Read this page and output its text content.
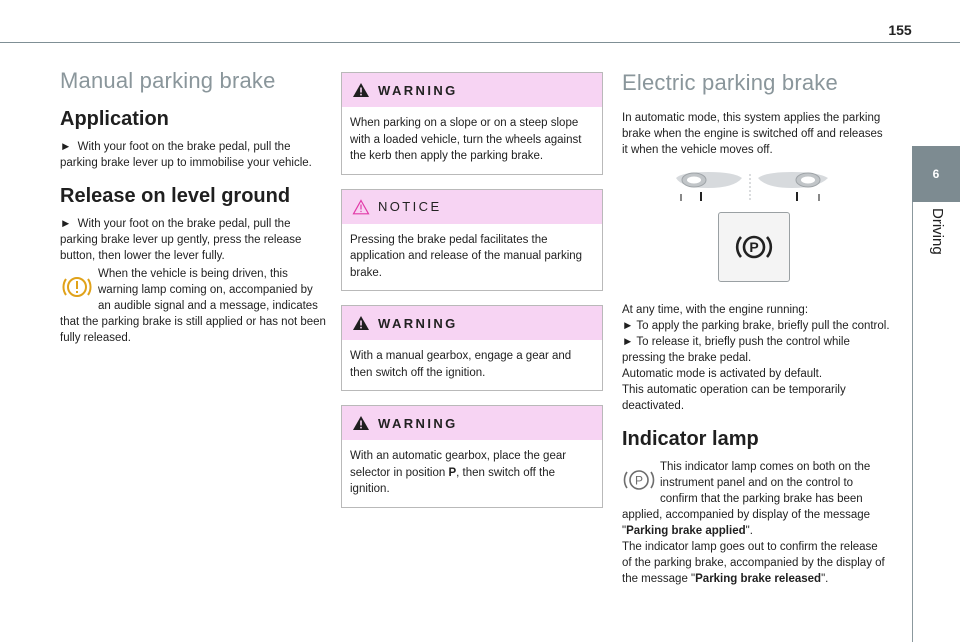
155
6
Driving
Manual parking brake
Application

► With your foot on the brake pedal, pull the parking brake lever up to immobilise your vehicle.

Release on level ground

► With your foot on the brake pedal, pull the parking brake lever up gently, press the release button, then lower the lever fully.

When the vehicle is being driven, this warning lamp coming on, accompanied by an audible signal and a message, indicates that the parking brake is still applied or has not been fully released.

WARNING
When parking on a slope or on a steep slope with a loaded vehicle, turn the wheels against the kerb then apply the parking brake.
NOTICE
Pressing the brake pedal facilitates the application and release of the manual parking brake.
WARNING
With a manual gearbox, engage a gear and then switch off the ignition.
WARNING
With an automatic gearbox, place the gear selector in position P, then switch off the ignition.
Electric parking brake

In automatic mode, this system applies the parking brake when the engine is switched off and releases it when the vehicle moves off.

P

At any time, with the engine running:
► To apply the parking brake, briefly pull the control.
► To release it, briefly push the control while pressing the brake pedal.
Automatic mode is activated by default.
This automatic operation can be temporarily deactivated.

Indicator lamp

P
This indicator lamp comes on both on the instrument panel and on the control to confirm that the parking brake has been applied, accompanied by display of the message "Parking brake applied".
The indicator lamp goes out to confirm the release of the parking brake, accompanied by the display of the message "Parking brake released".
